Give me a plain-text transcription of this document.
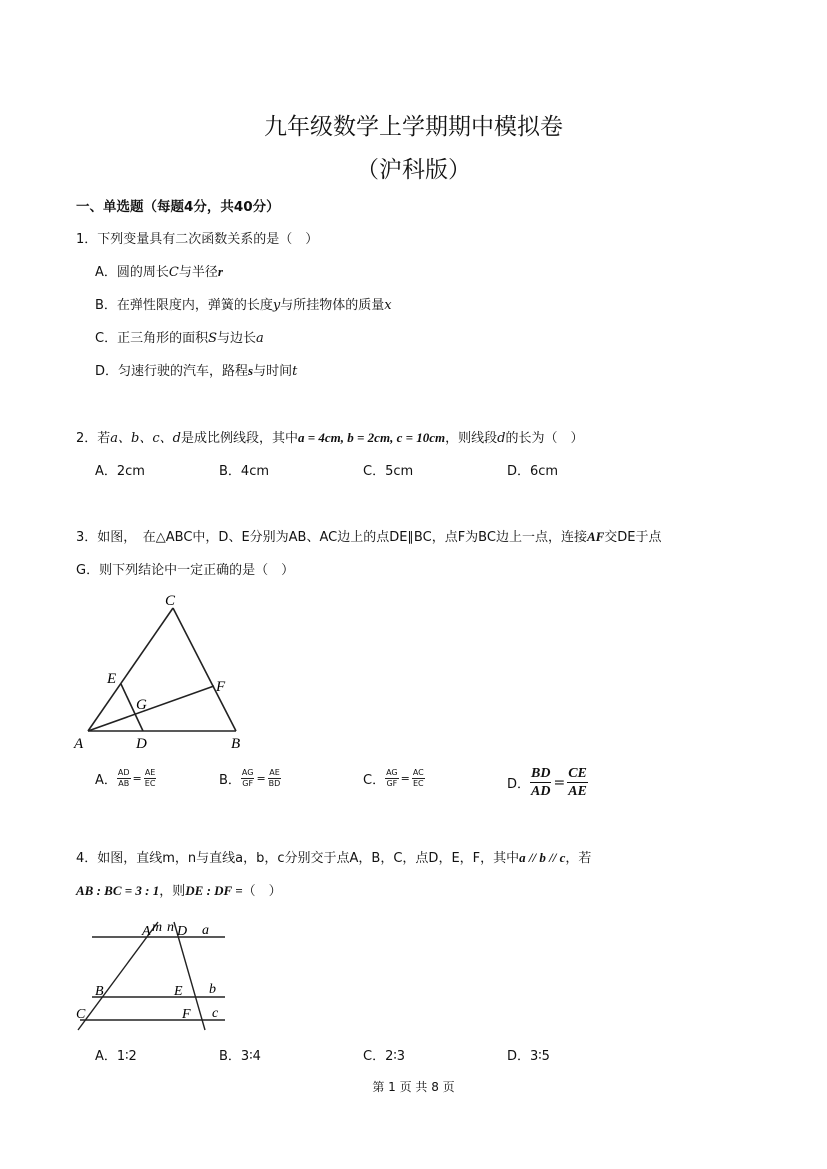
九年级数学上学期期中模拟卷
（沪科版）
一、单选题（每题4分，共40分）
1．下列变量具有二次函数关系的是（　）
A．圆的周长C与半径r
B．在弹性限度内，弹簧的长度y与所挂物体的质量x
C．正三角形的面积S与边长a
D．匀速行驶的汽车，路程s与时间t
2．若a、b、c、d是成比例线段，其中a = 4cm, b = 2cm, c = 10cm，则线段d的长为（　）
A．2cm	B．4cm	C．5cm	D．6cm
3．如图，　在△ABC中，D、E分别为AB、AC边上的点DE∥BC，点F为BC边上一点，连接AF交DE于点
G．则下列结论中一定正确的是（　）
C
E	F
G
A	D	B
A． $\frac{AD}{AB} = \frac{AE}{EC}$	B． $\frac{AG}{GF} = \frac{AE}{BD}$	C． $\frac{AG}{GF} = \frac{AC}{EC}$	D． $\frac{BD}{AD} = \frac{CE}{AE}$
4．如图，直线m，n与直线a，b，c分别交于点A，B，C，点D，E，F，其中a // b // c，若
AB : BC = 3 : 1，则DE : DF =（　）
m n
A D a
B	E b
C	F c
A．1∶2	B．3∶4	C．2∶3	D．3∶5
第 1 页 共 8 页
